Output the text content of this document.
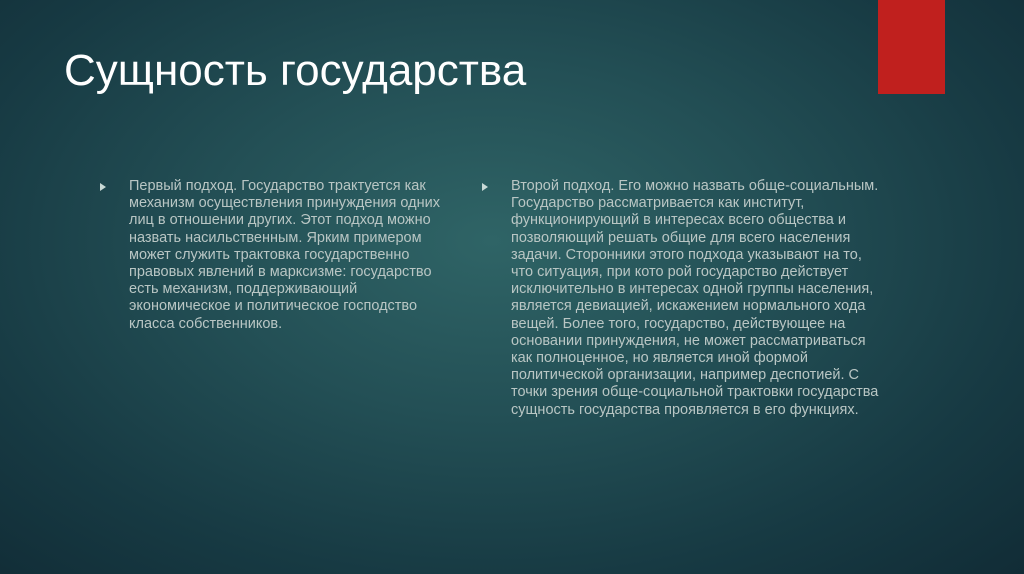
Сущность государства

Первый подход. Государство трактуется как механизм осуществления принуждения одних лиц в отношении других. Этот подход можно назвать насильственным. Ярким примером может служить трактовка государственно правовых явлений в марксизме: государство есть механизм, поддерживающий экономическое и политическое господство класса собственников.

Второй подход. Его можно назвать обще-социальным. Государство рассматривается как институт, функционирующий в интересах всего общества и позволяющий решать общие для всего населения задачи. Сторонники этого подхода указывают на то, что ситуация, при кото рой государство действует исключительно в интересах одной группы населения, является девиацией, искажением нормального хода вещей. Более того, государство, действующее на основании принуждения, не может рассматриваться как полноценное, но является иной формой политической организации, например деспотией. С точки зрения обще-социальной трактовки государства сущность государства проявляется в его функциях.
